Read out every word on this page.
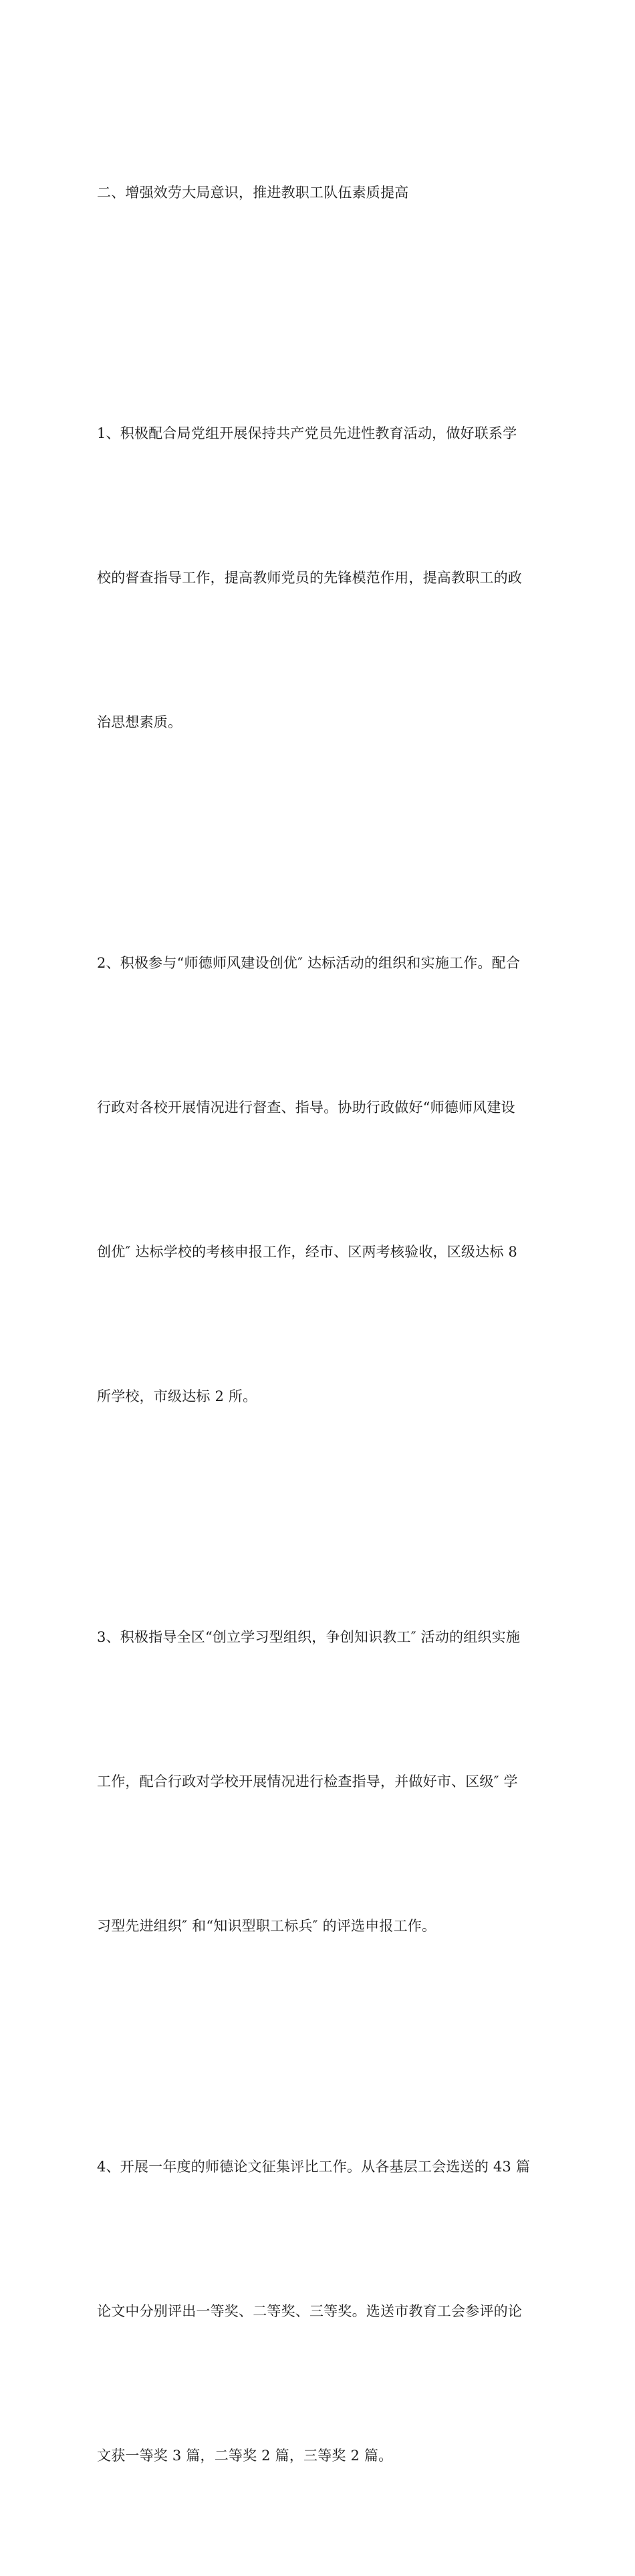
二、增强效劳大局意识，推进教职工队伍素质提高

1、积极配合局党组开展保持共产党员先进性教育活动，做好联系学

校的督查指导工作，提高教师党员的先锋模范作用，提高教职工的政

治思想素质。

2、积极参与“师德师风建设创优″ 达标活动的组织和实施工作。配合

行政对各校开展情况进行督查、指导。协助行政做好“师德师风建设

创优″ 达标学校的考核申报工作，经市、区两考核验收，区级达标 8

所学校，市级达标 2 所。

3、积极指导全区“创立学习型组织，争创知识教工″ 活动的组织实施

工作，配合行政对学校开展情况进行检查指导，并做好市、区级″ 学

习型先进组织″ 和“知识型职工标兵″ 的评选申报工作。

4、开展一年度的师德论文征集评比工作。从各基层工会选送的 43 篇

论文中分别评出一等奖、二等奖、三等奖。选送市教育工会参评的论

文获一等奖 3 篇，二等奖 2 篇，三等奖 2 篇。
